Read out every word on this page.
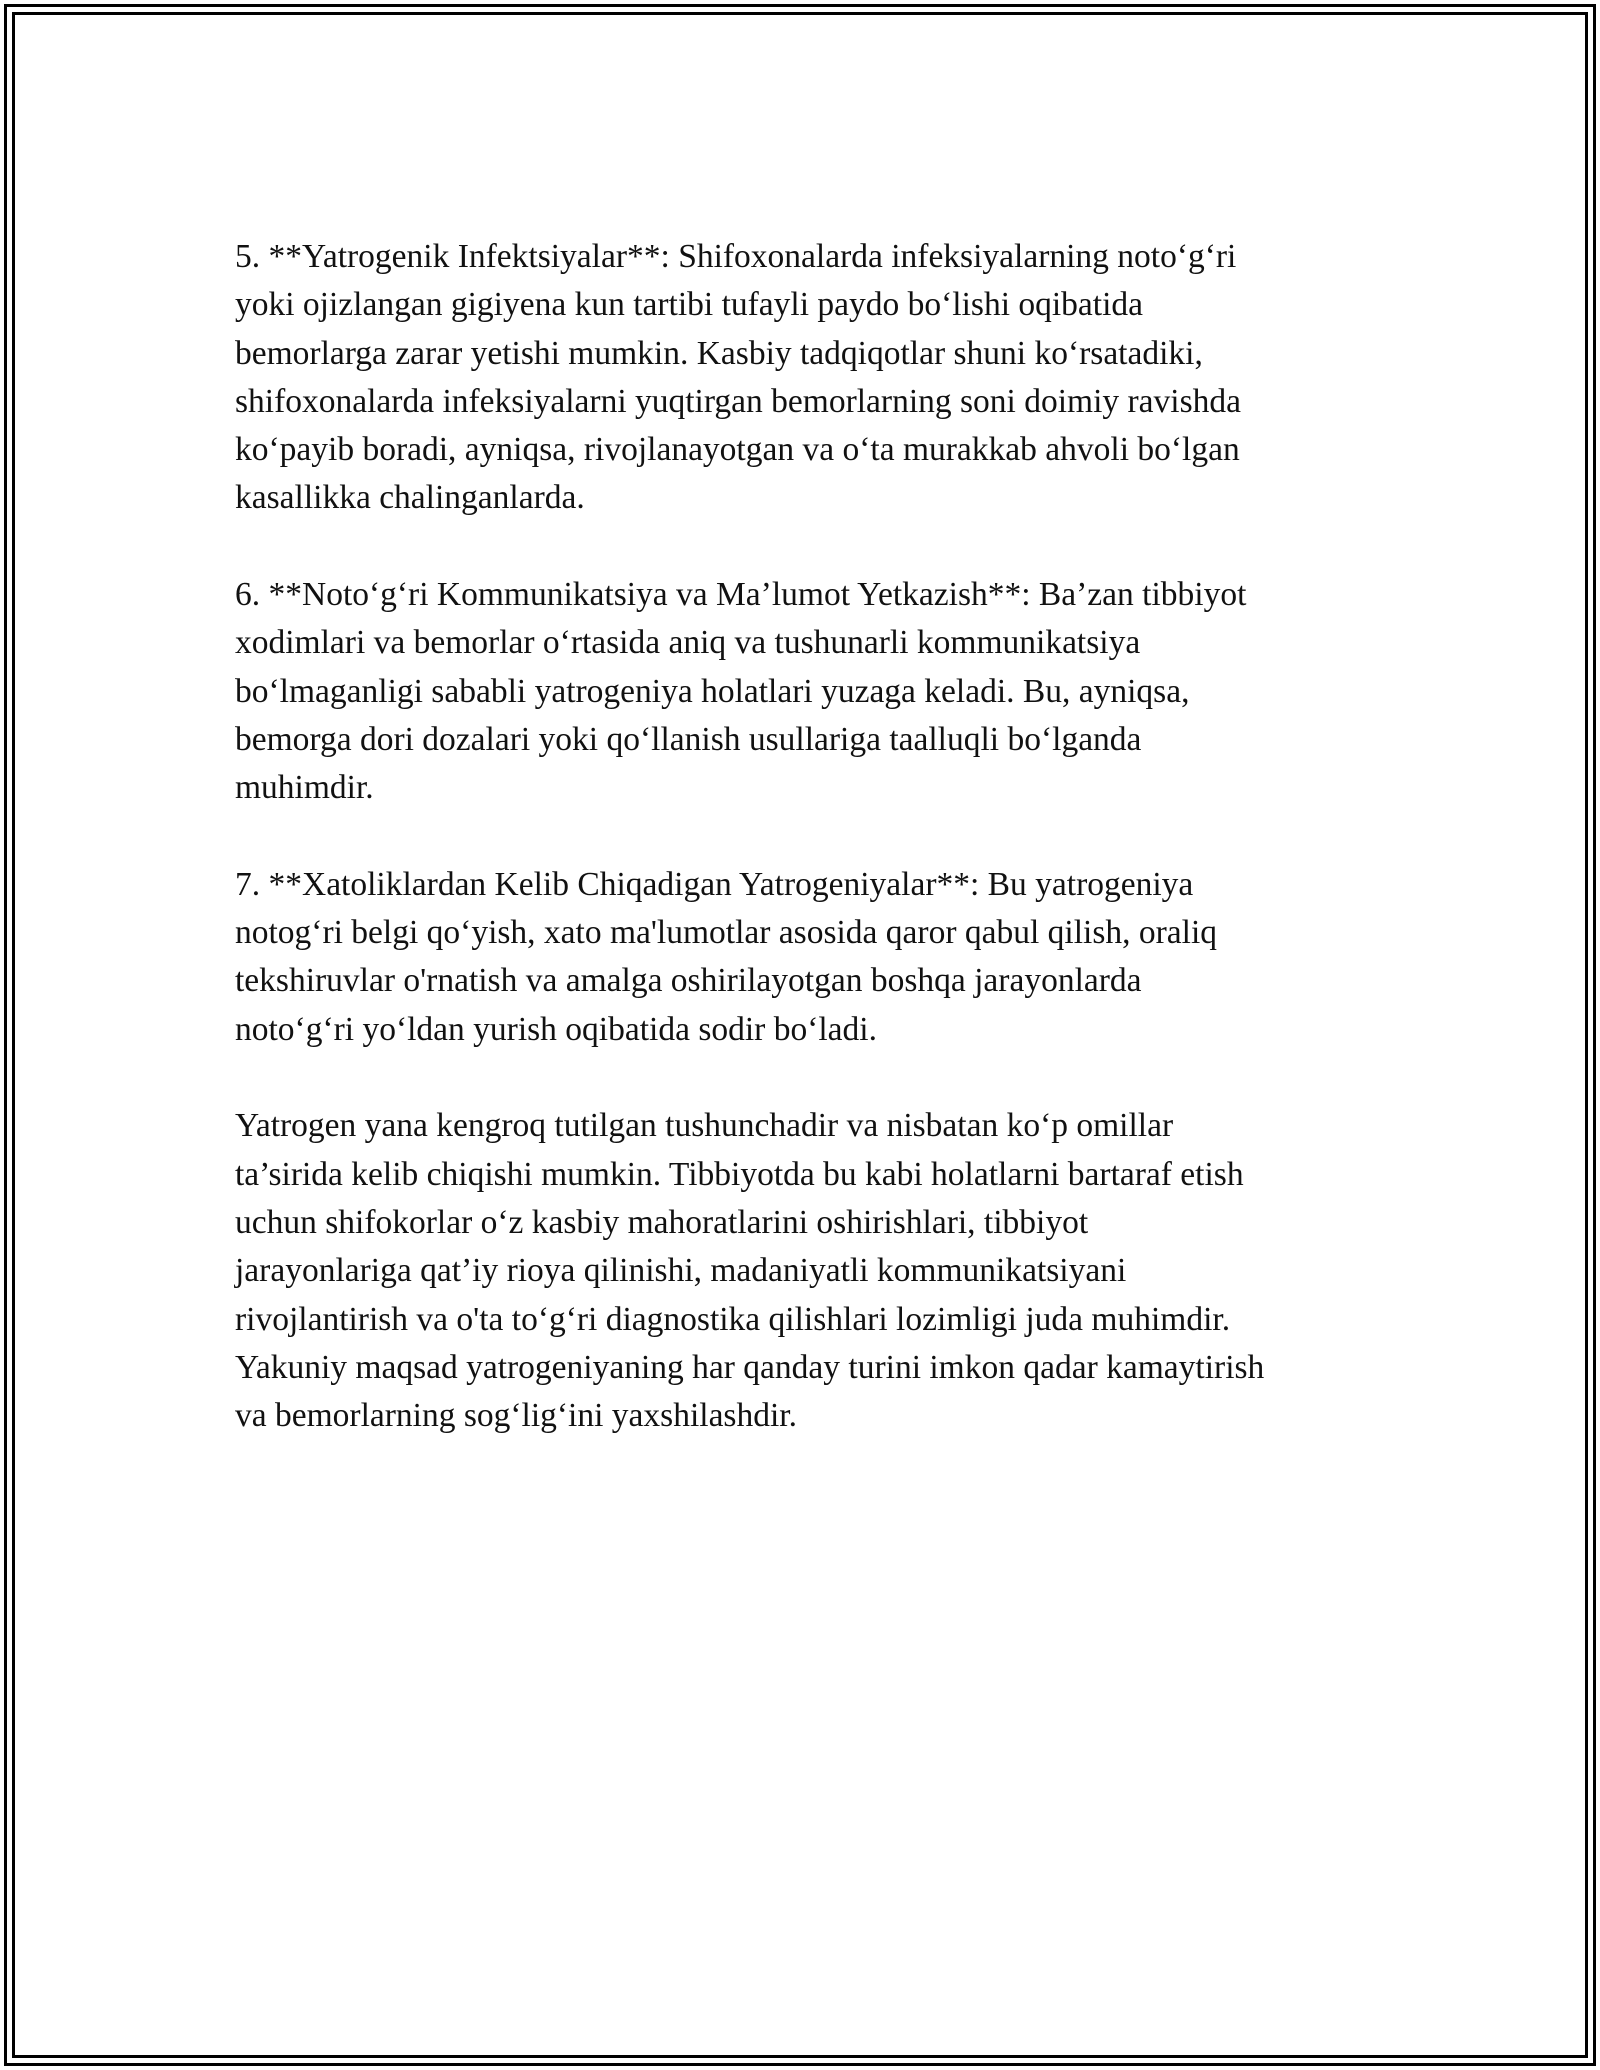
5. **Yatrogenik Infektsiyalar**: Shifoxonalarda infeksiyalarning noto‘g‘ri
yoki ojizlangan gigiyena kun tartibi tufayli paydo bo‘lishi oqibatida
bemorlarga zarar yetishi mumkin. Kasbiy tadqiqotlar shuni ko‘rsatadiki,
shifoxonalarda infeksiyalarni yuqtirgan bemorlarning soni doimiy ravishda
ko‘payib boradi, ayniqsa, rivojlanayotgan va o‘ta murakkab ahvoli bo‘lgan
kasallikka chalinganlarda.

6. **Noto‘g‘ri Kommunikatsiya va Ma’lumot Yetkazish**: Ba’zan tibbiyot
xodimlari va bemorlar o‘rtasida aniq va tushunarli kommunikatsiya
bo‘lmaganligi sababli yatrogeniya holatlari yuzaga keladi. Bu, ayniqsa,
bemorga dori dozalari yoki qo‘llanish usullariga taalluqli bo‘lganda
muhimdir.

7. **Xatoliklardan Kelib Chiqadigan Yatrogeniyalar**: Bu yatrogeniya
notog‘ri belgi qo‘yish, xato ma'lumotlar asosida qaror qabul qilish, oraliq
tekshiruvlar o'rnatish va amalga oshirilayotgan boshqa jarayonlarda
noto‘g‘ri yo‘ldan yurish oqibatida sodir bo‘ladi.

Yatrogen yana kengroq tutilgan tushunchadir va nisbatan ko‘p omillar
ta’sirida kelib chiqishi mumkin. Tibbiyotda bu kabi holatlarni bartaraf etish
uchun shifokorlar o‘z kasbiy mahoratlarini oshirishlari, tibbiyot
jarayonlariga qat’iy rioya qilinishi, madaniyatli kommunikatsiyani
rivojlantirish va o'ta to‘g‘ri diagnostika qilishlari lozimligi juda muhimdir.
Yakuniy maqsad yatrogeniyaning har qanday turini imkon qadar kamaytirish
va bemorlarning sog‘lig‘ini yaxshilashdir.
